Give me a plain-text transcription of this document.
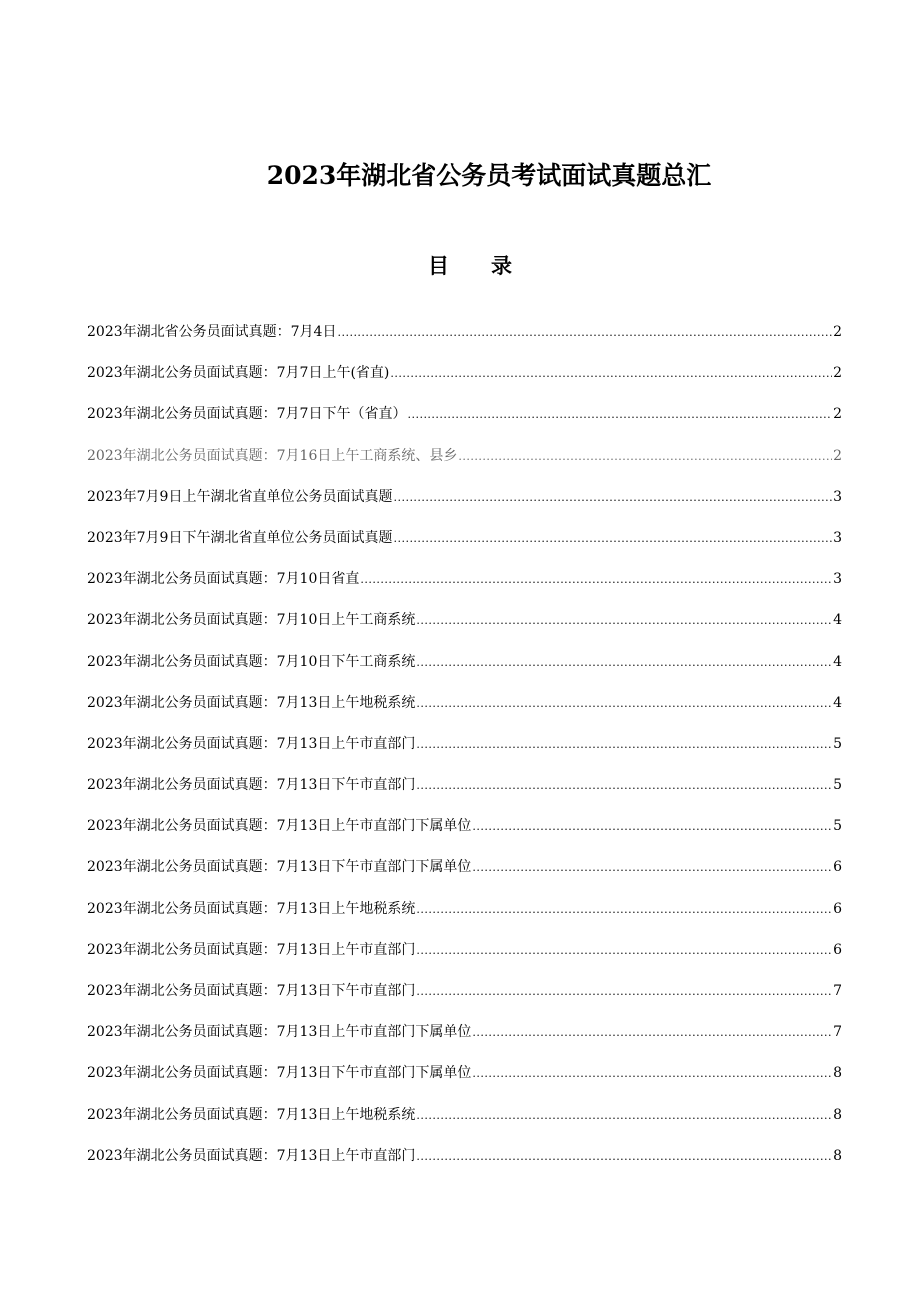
2023年湖北省公务员考试面试真题总汇
目　　录
2023年湖北省公务员面试真题：7月4日 .....	2
2023年湖北公务员面试真题：7月7日上午(省直) .....	2
2023年湖北公务员面试真题：7月7日下午（省直） .....	2
2023年湖北公务员面试真题：7月16日上午工商系统、县乡 .....	2
2023年7月9日上午湖北省直单位公务员面试真题 .....	3
2023年7月9日下午湖北省直单位公务员面试真题 .....	3
2023年湖北公务员面试真题：7月10日省直 .....	3
2023年湖北公务员面试真题：7月10日上午工商系统 .....	4
2023年湖北公务员面试真题：7月10日下午工商系统 .....	4
2023年湖北公务员面试真题：7月13日上午地税系统 .....	4
2023年湖北公务员面试真题：7月13日上午市直部门 .....	5
2023年湖北公务员面试真题：7月13日下午市直部门 .....	5
2023年湖北公务员面试真题：7月13日上午市直部门下属单位 .....	5
2023年湖北公务员面试真题：7月13日下午市直部门下属单位 .....	6
2023年湖北公务员面试真题：7月13日上午地税系统 .....	6
2023年湖北公务员面试真题：7月13日上午市直部门 .....	6
2023年湖北公务员面试真题：7月13日下午市直部门 .....	7
2023年湖北公务员面试真题：7月13日上午市直部门下属单位 .....	7
2023年湖北公务员面试真题：7月13日下午市直部门下属单位 .....	8
2023年湖北公务员面试真题：7月13日上午地税系统 .....	8
2023年湖北公务员面试真题：7月13日上午市直部门 .....	8
